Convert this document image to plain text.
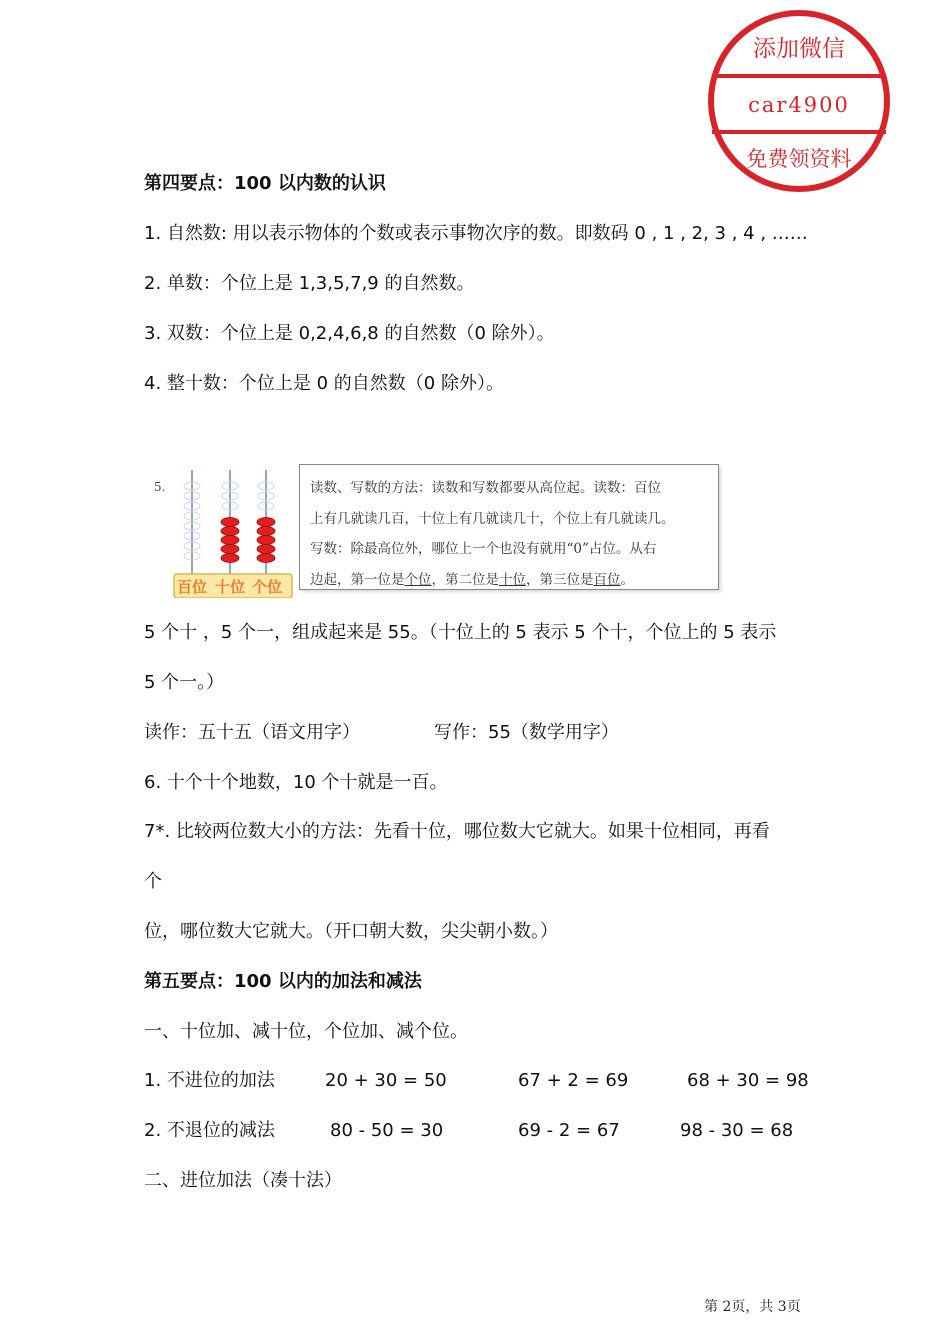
添加微信
car4900
免费领资料
第四要点：100 以内数的认识
1. 自然数: 用以表示物体的个数或表示事物次序的数。即数码 0 , 1 , 2, 3 , 4 , ……
2. 单数：个位上是 1,3,5,7,9 的自然数。
3. 双数：个位上是 0,2,4,6,8 的自然数（0 除外）。
4. 整十数：个位上是 0 的自然数（0 除外）。
5.
百位 十位 个位
读数、写数的方法：读数和写数都要从高位起。读数：百位
上有几就读几百，十位上有几就读几十，个位上有几就读几。
写数：除最高位外，哪位上一个也没有就用“0”占位。从右
边起，第一位是个位，第二位是十位，第三位是百位。
5 个十 ，5 个一，组成起来是 55。（十位上的 5 表示 5 个十，个位上的 5 表示
5 个一。）
读作：五十五（语文用字）	写作：55（数学用字）
6. 十个十个地数，10 个十就是一百。
7*. 比较两位数大小的方法：先看十位，哪位数大它就大。如果十位相同，再看
个
位，哪位数大它就大。（开口朝大数，尖尖朝小数。）
第五要点：100 以内的加法和减法
一、十位加、减十位，个位加、减个位。
1. 不进位的加法	20 + 30 = 50	67 + 2 = 69	68 + 30 = 98
2. 不退位的减法	80 - 50 = 30	69 - 2 = 67	98 - 30 = 68
二、进位加法（凑十法）
第 2页，共 3页
